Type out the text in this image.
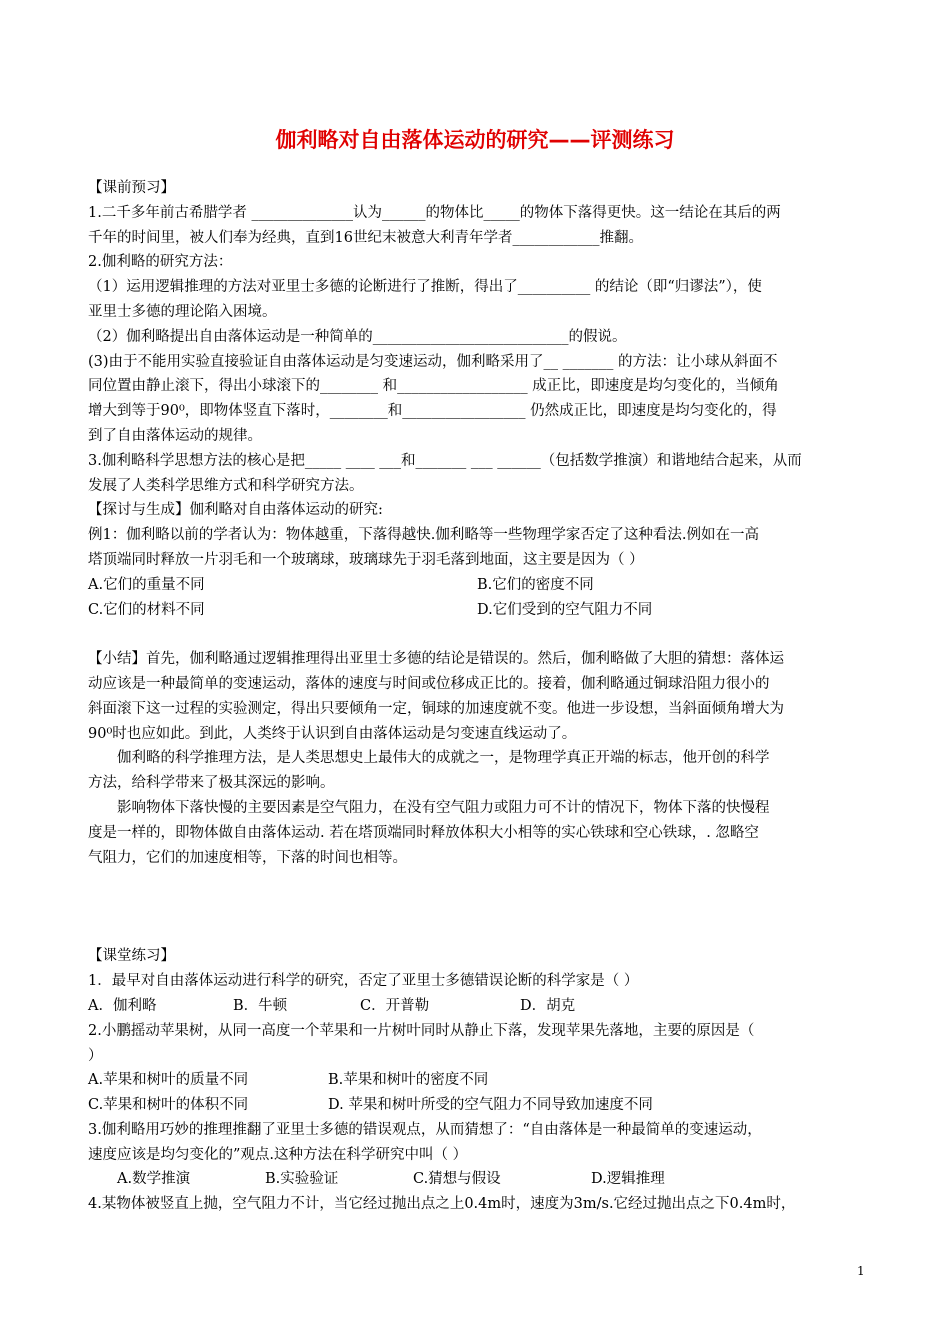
伽利略对自由落体运动的研究——评测练习

【课前预习】

1.二千多年前古希腊学者 ______________认为______的物体比_____的物体下落得更快。这一结论在其后的两

千年的时间里，被人们奉为经典，直到16世纪末被意大利青年学者____________推翻。

2.伽利略的研究方法：

（1）运用逻辑推理的方法对亚里士多德的论断进行了推断，得出了__________ 的结论（即“归谬法”），使

亚里士多德的理论陷入困境。

（2）伽利略提出自由落体运动是一种简单的___________________________的假说。

(3)由于不能用实验直接验证自由落体运动是匀变速运动，伽利略采用了__ _______ 的方法：让小球从斜面不

同位置由静止滚下，得出小球滚下的________ 和__________________ 成正比，即速度是均匀变化的，当倾角

增大到等于90⁰，即物体竖直下落时，________和_________________ 仍然成正比，即速度是均匀变化的，得

到了自由落体运动的规律。

3.伽利略科学思想方法的核心是把_____ ____ ___和_______ ___ ______（包括数学推演）和谐地结合起来，从而

发展了人类科学思维方式和科学研究方法。

【探讨与生成】伽利略对自由落体运动的研究:

例1：伽利略以前的学者认为：物体越重，下落得越快.伽利略等一些物理学家否定了这种看法.例如在一高

塔顶端同时释放一片羽毛和一个玻璃球，玻璃球先于羽毛落到地面，这主要是因为（ ）

A.它们的重量不同	B.它们的密度不同
C.它们的材料不同	D.它们受到的空气阻力不同

【小结】首先，伽利略通过逻辑推理得出亚里士多德的结论是错误的。然后，伽利略做了大胆的猜想：落体运

动应该是一种最简单的变速运动，落体的速度与时间或位移成正比的。接着，伽利略通过铜球沿阻力很小的

斜面滚下这一过程的实验测定，得出只要倾角一定，铜球的加速度就不变。他进一步设想，当斜面倾角增大为

90⁰时也应如此。到此，人类终于认识到自由落体运动是匀变速直线运动了。

伽利略的科学推理方法，是人类思想史上最伟大的成就之一，是物理学真正开端的标志，他开创的科学

方法，给科学带来了极其深远的影响。

影响物体下落快慢的主要因素是空气阻力，在没有空气阻力或阻力可不计的情况下，物体下落的快慢程

度是一样的，即物体做自由落体运动. 若在塔顶端同时释放体积大小相等的实心铁球和空心铁球，. 忽略空

气阻力，它们的加速度相等，下落的时间也相等。

【课堂练习】

1．最早对自由落体运动进行科学的研究，否定了亚里士多德错误论断的科学家是（ ）

A．伽利略	B．牛顿	C．开普勒	D．胡克

2.小鹏摇动苹果树，从同一高度一个苹果和一片树叶同时从静止下落，发现苹果先落地，主要的原因是（

）

A.苹果和树叶的质量不同	B.苹果和树叶的密度不同
C.苹果和树叶的体积不同	D. 苹果和树叶所受的空气阻力不同导致加速度不同

3.伽利略用巧妙的推理推翻了亚里士多德的错误观点，从而猜想了：“自由落体是一种最简单的变速运动，

速度应该是均匀变化的”观点.这种方法在科学研究中叫（ ）

A.数学推演	B.实验验证	C.猜想与假设	D.逻辑推理

4.某物体被竖直上抛，空气阻力不计，当它经过抛出点之上0.4m时，速度为3m/s.它经过抛出点之下0.4m时，

1
